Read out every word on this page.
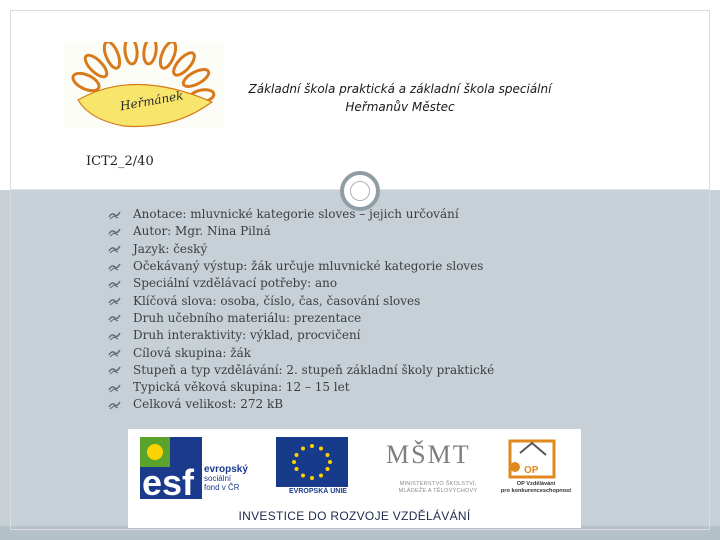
Heřmánek	Základní škola praktická a základní škola speciální
Heřmanův Městec
ICT2_2/40
Anotace: mluvnické kategorie sloves – jejich určování
Autor: Mgr. Nina Pilná
Jazyk: český
Očekávaný výstup: žák určuje mluvnické kategorie sloves
Speciální vzdělávací potřeby: ano
Klíčová slova: osoba, číslo, čas, časování sloves
Druh učebního materiálu: prezentace
Druh interaktivity: výklad, procvičení
Cílová skupina: žák
Stupeň a typ vzdělávání: 2. stupeň základní školy praktické
Typická věková skupina: 12 – 15 let
Celková velikost: 272 kB
esf
MŠMT
OP
evropský
sociální
fond v ČR	EVROPSKÁ UNIE
MINISTERSTVO ŠKOLSTVÍ,
MLÁDEŽE A TĚLOVÝCHOVY
OP Vzdělávání
pro konkurenceschopnost
INVESTICE DO ROZVOJE VZDĚLÁVÁNÍ
